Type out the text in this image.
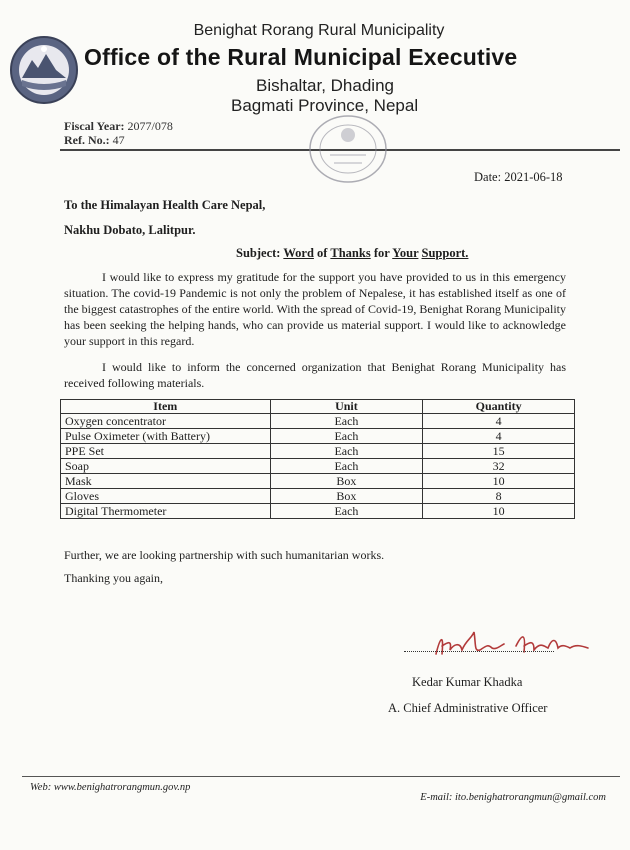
Benighat Rorang Rural Municipality
Office of the Rural Municipal Executive
Bishaltar, Dhading
Bagmati Province, Nepal
Fiscal Year: 2077/078
Ref. No.: 47
Date: 2021-06-18
To the Himalayan Health Care Nepal,
Nakhu Dobato, Lalitpur.
Subject: Word of Thanks for Your Support.
I would like to express my gratitude for the support you have provided to us in this emergency situation. The covid-19 Pandemic is not only the problem of Nepalese, it has established itself as one of the biggest catastrophes of the entire world. With the spread of Covid-19, Benighat Rorang Municipality has been seeking the helping hands, who can provide us material support. I would like to acknowledge your support in this regard.
I would like to inform the concerned organization that Benighat Rorang Municipality has received following materials.
Item	Unit	Quantity
Oxygen concentrator	Each	4
Pulse Oximeter (with Battery)	Each	4
PPE Set	Each	15
Soap	Each	32
Mask	Box	10
Gloves	Box	8
Digital Thermometer	Each	10
Further, we are looking partnership with such humanitarian works.
Thanking you again,
Kedar Kumar Khadka
A. Chief Administrative Officer
Web: www.benighatrorangmun.gov.np
E-mail: ito.benighatrorangmun@gmail.com
